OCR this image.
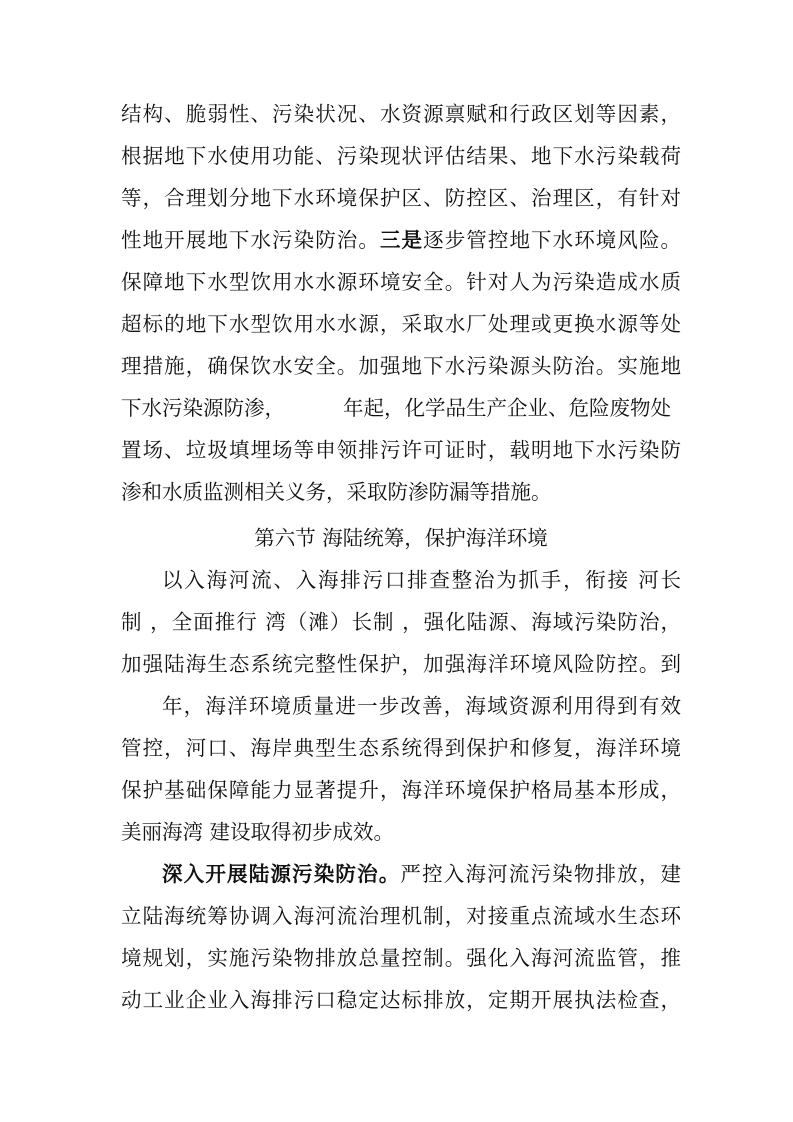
结构、脆弱性、污染状况、水资源禀赋和行政区划等因素，
根据地下水使用功能、污染现状评估结果、地下水污染载荷
等，合理划分地下水环境保护区、防控区、治理区，有针对
性地开展地下水污染防治。三是逐步管控地下水环境风险。
保障地下水型饮用水水源环境安全。针对人为污染造成水质
超标的地下水型饮用水水源，采取水厂处理或更换水源等处
理措施，确保饮水安全。加强地下水污染源头防治。实施地
下水污染源防渗，	年起，化学品生产企业、危险废物处
置场、垃圾填埋场等申领排污许可证时，载明地下水污染防
渗和水质监测相关义务，采取防渗防漏等措施。
第六节 海陆统筹，保护海洋环境
以入海河流、入海排污口排查整治为抓手，衔接 河长
制 ，全面推行 湾（滩）长制 ，强化陆源、海域污染防治，
加强陆海生态系统完整性保护，加强海洋环境风险防控。到
年，海洋环境质量进一步改善，海域资源利用得到有效
管控，河口、海岸典型生态系统得到保护和修复，海洋环境
保护基础保障能力显著提升，海洋环境保护格局基本形成，
美丽海湾 建设取得初步成效。
深入开展陆源污染防治。严控入海河流污染物排放，建
立陆海统筹协调入海河流治理机制，对接重点流域水生态环
境规划，实施污染物排放总量控制。强化入海河流监管，推
动工业企业入海排污口稳定达标排放，定期开展执法检查，
